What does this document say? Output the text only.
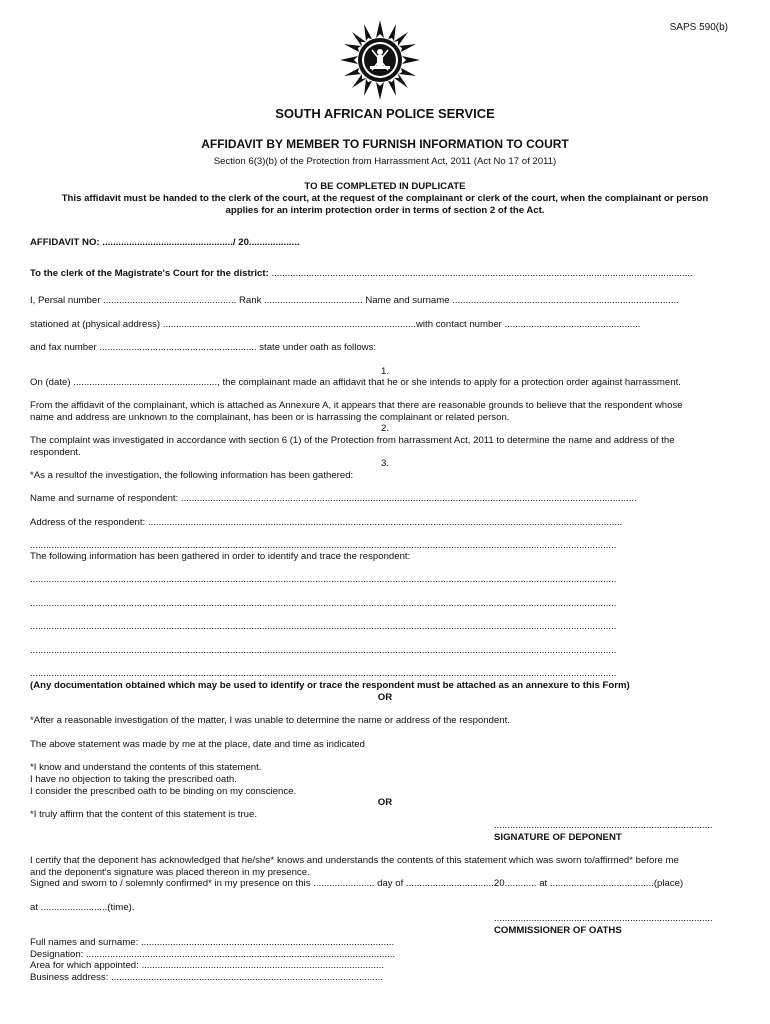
SAPS 590(b)
SOUTH AFRICAN POLICE SERVICE
AFFIDAVIT BY MEMBER TO FURNISH INFORMATION TO COURT
Section 6(3)(b) of the Protection from Harrassment Act, 2011 (Act No 17 of 2011)
TO BE COMPLETED IN DUPLICATE
This affidavit must be handed to the clerk of the court, at the request of the complainant or clerk of the court, when the complainant or person
applies for an interim protection order in terms of section 2 of the Act.
AFFIDAVIT NO: ................................................./ 20...................
To the clerk of the Magistrate's Court for the district: ..............................................................................................................................................................
I, Persal number .................................................. Rank ..................................... Name and surname .....................................................................................
stationed at (physical address) ...............................................................................................with contact number ...................................................
and fax number ........................................................... state under oath as follows:
1.
On (date) ......................................................, the complainant made an affidavit that he or she intends to apply for a protection order against harrassment.
From the affidavit of the complainant, which is attached as Annexure A, it appears that there are reasonable grounds to believe that the respondent whose
name and address are unknown to the complainant, has been or is harrassing the complainant or related person.
2.
The complaint was investigated in accordance with section 6 (1) of the Protection from harrassment Act, 2011 to determine the name and address of the
respondent.
3.
*As a resultof the investigation, the following information has been gathered:
Name and surname of respondent: ...........................................................................................................................................................................
Address of the respondent: ..................................................................................................................................................................................
............................................................................................................................................................................................................................
The following information has been gathered in order to identify and trace the respondent:
............................................................................................................................................................................................................................
............................................................................................................................................................................................................................
............................................................................................................................................................................................................................
............................................................................................................................................................................................................................
............................................................................................................................................................................................................................
(Any documentation obtained which may be used to identify or trace the respondent must be attached as an annexure to this Form)
OR
*After a reasonable investigation of the matter, I was unable to determine the name or address of the respondent.
The above statement was made by me at the place, date and time as indicated
*I know and understand the contents of this statement.
I have no objection to taking the prescribed oath.
I consider the prescribed oath to be binding on my conscience.
OR
*I truly affirm that the content of this statement is true.
..................................................................................
SIGNATURE OF DEPONENT
I certify that the deponent has acknowledged that he/she* knows and understands the contents of this statement which was sworn to/affirmed* before me
and the deponent's signature was placed thereon in my presence.
Signed and sworn to / solemnly confirmed* in my presence on this ....................... day of .................................20............ at .......................................(place)
at .........................(time).
..................................................................................
COMMISSIONER OF OATHS
Full names and surname: ...............................................................................................
Designation: ....................................................................................................................
Area for which appointed: ...........................................................................................
Business address: ......................................................................................................
